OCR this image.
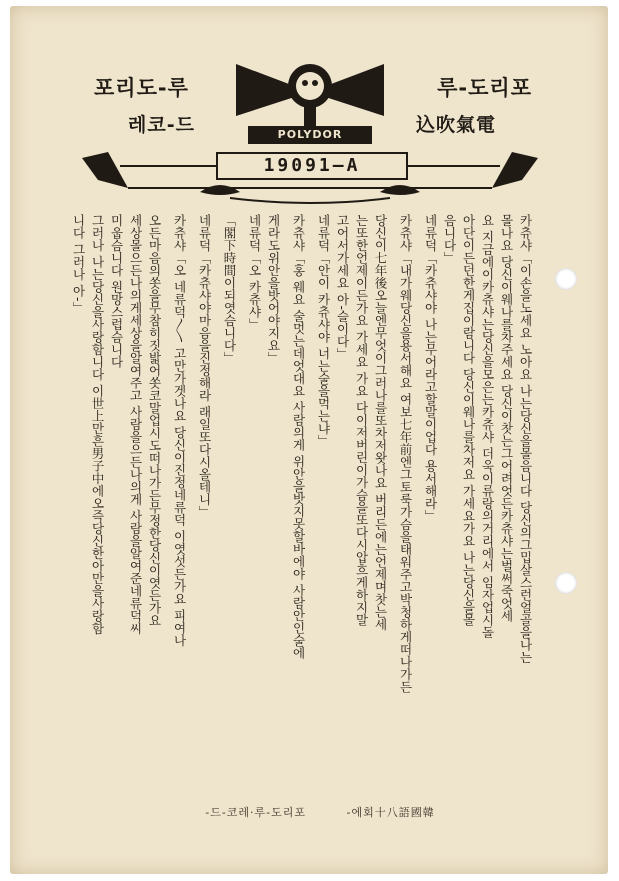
포리도-루	포리도-루
레코-드	電氣吹込
POLYDOR
19091—A
카츄샤「이손을노세요 노아요 나는당신을몰음니다 당신의그밉살스런얼골을나는
몰나요 당신이웨나를차주세요 당신이찻는그어려엇든카츄샤는벌써죽엇세
요 지금에이카츄샤는당신을모은는카츄샤 더욱이류랑의거리에서 임자업시돌
아단이든던한게집이람니다 당신이웨나를차저요 가세요가요 나는당신을몰
음니다」
네류덕「카츄샤야 나는무어라고할말이업다 용서해라」
카츄샤「내가웨당신을용서해요 여보七年前엔그토룩가슴을태워주고박청하게떠나가든
당신이七年後오늘엔무엇이그러나를또차저왓나요 버리든에는언제며찻는세
는또한언제이든가요 가세요 가요 다이저버린이가슴을또다시압흐게하지말
고어서가세요 아-슬이다」
네류덕「안이 카츄샤야 너는술을먹는냐」
카츄샤「홍 웨요 술멋는데엇대요 사람의게 위안을밧지못할바에야 사람안인술에
게라도위안을밧어야지요」
네류덕「오 카츄샤」
「閣下時間이되엿슴니다」
네류덕「카츄샤야마음을진정해라 래일또다시올테니」
카츄샤「오 네류덕〳〵 고만가겟나요 당신이진정네류덕 이엿섯든가요 피여나
오든마음의쏫을무참히짓밟어쏫코말업시도떠나가든무정한당신이엿든가요
세상몰으든나의게세상을알여주고 사람을으든나의게 사람을알여준네류덕씨
미웁슴니다 원망스럽슴니다
그러나 나는당신을사랑함니다 이世上만흔男子中에오즉당신한아만을사랑함
니다 그러나 아-」
韓國語八十회에- 포리도-루·레코-드-
